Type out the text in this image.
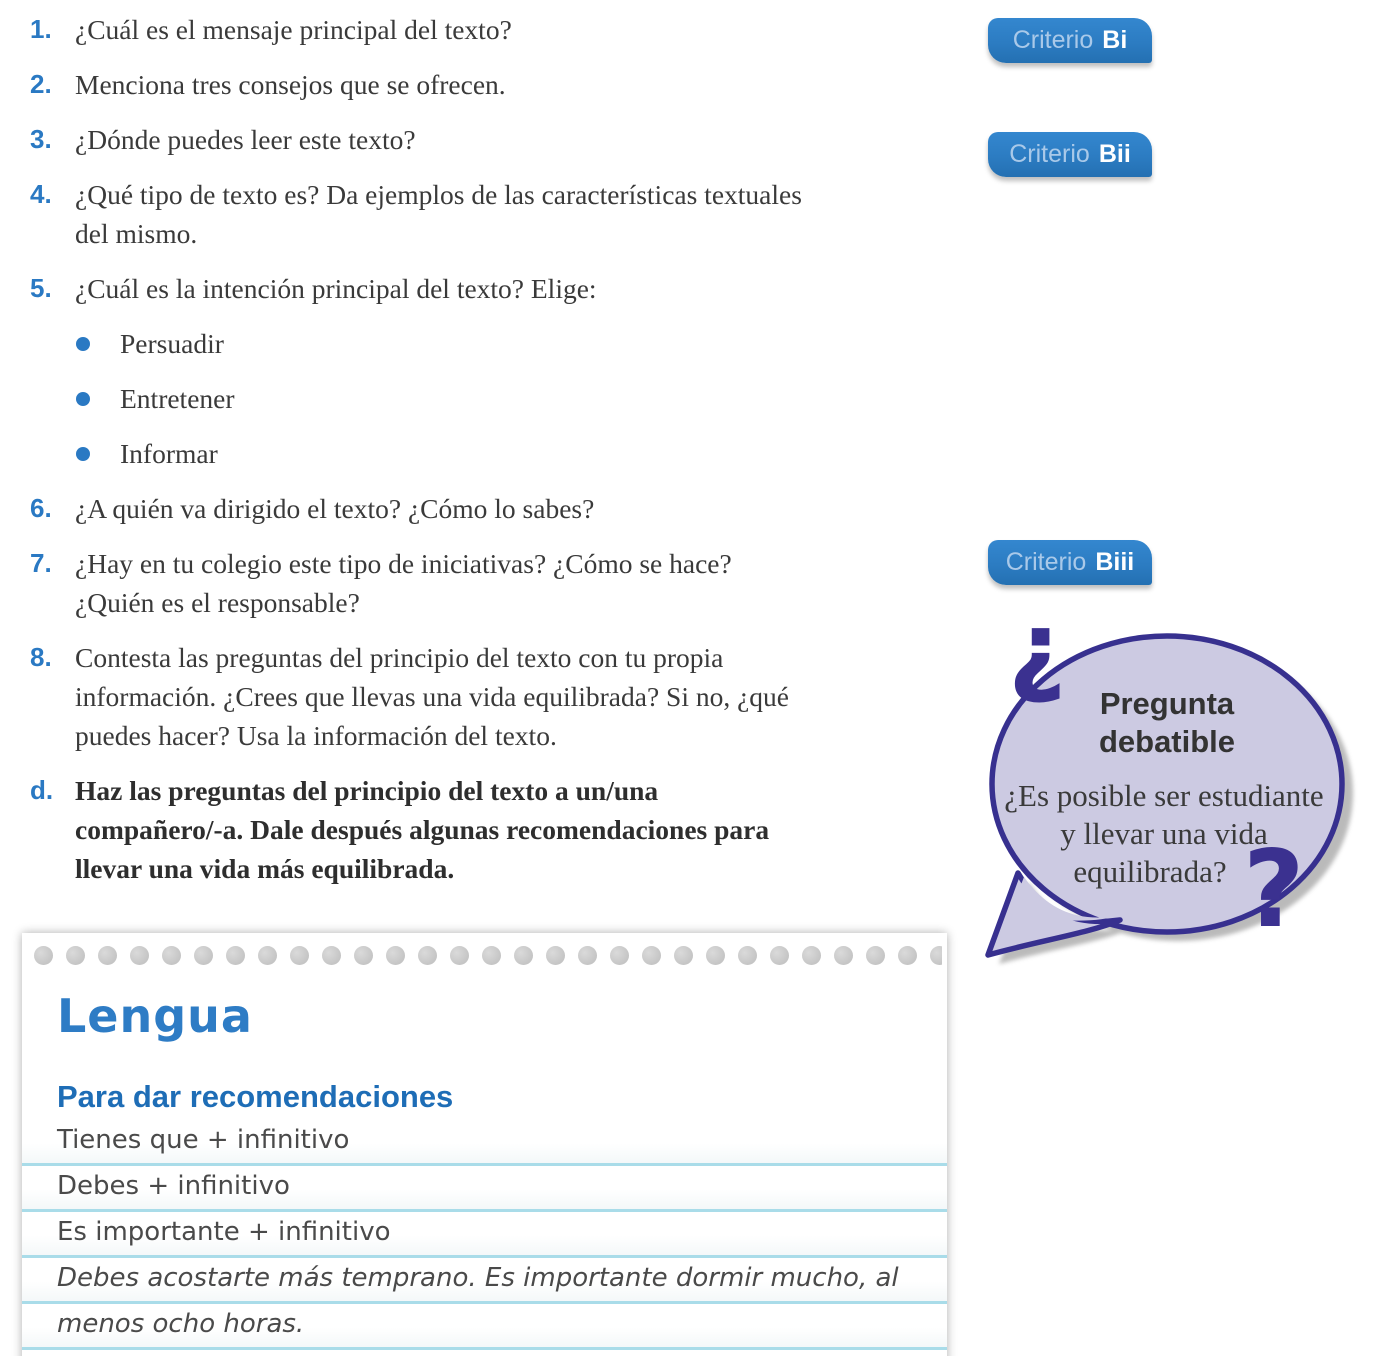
1. ¿Cuál es el mensaje principal del texto?
2. Menciona tres consejos que se ofrecen.
3. ¿Dónde puedes leer este texto?
4. ¿Qué tipo de texto es? Da ejemplos de las características textuales
del mismo.
5. ¿Cuál es la intención principal del texto? Elige:
Persuadir
Entretener
Informar
6. ¿A quién va dirigido el texto? ¿Cómo lo sabes?
7. ¿Hay en tu colegio este tipo de iniciativas? ¿Cómo se hace?
¿Quién es el responsable?
8. Contesta las preguntas del principio del texto con tu propia
información. ¿Crees que llevas una vida equilibrada? Si no, ¿qué
puedes hacer? Usa la información del texto.
d. Haz las preguntas del principio del texto a un/una
compañero/-a. Dale después algunas recomendaciones para
llevar una vida más equilibrada.
Criterio Bi
Criterio Bii
Criterio Biii
Pregunta
debatible
¿Es posible ser estudiante
y llevar una vida
equilibrada?
¿
?
Lengua
Para dar recomendaciones
Tienes que + infinitivo
Debes + infinitivo
Es importante + infinitivo
Debes acostarte más temprano. Es importante dormir mucho, al
menos ocho horas.
